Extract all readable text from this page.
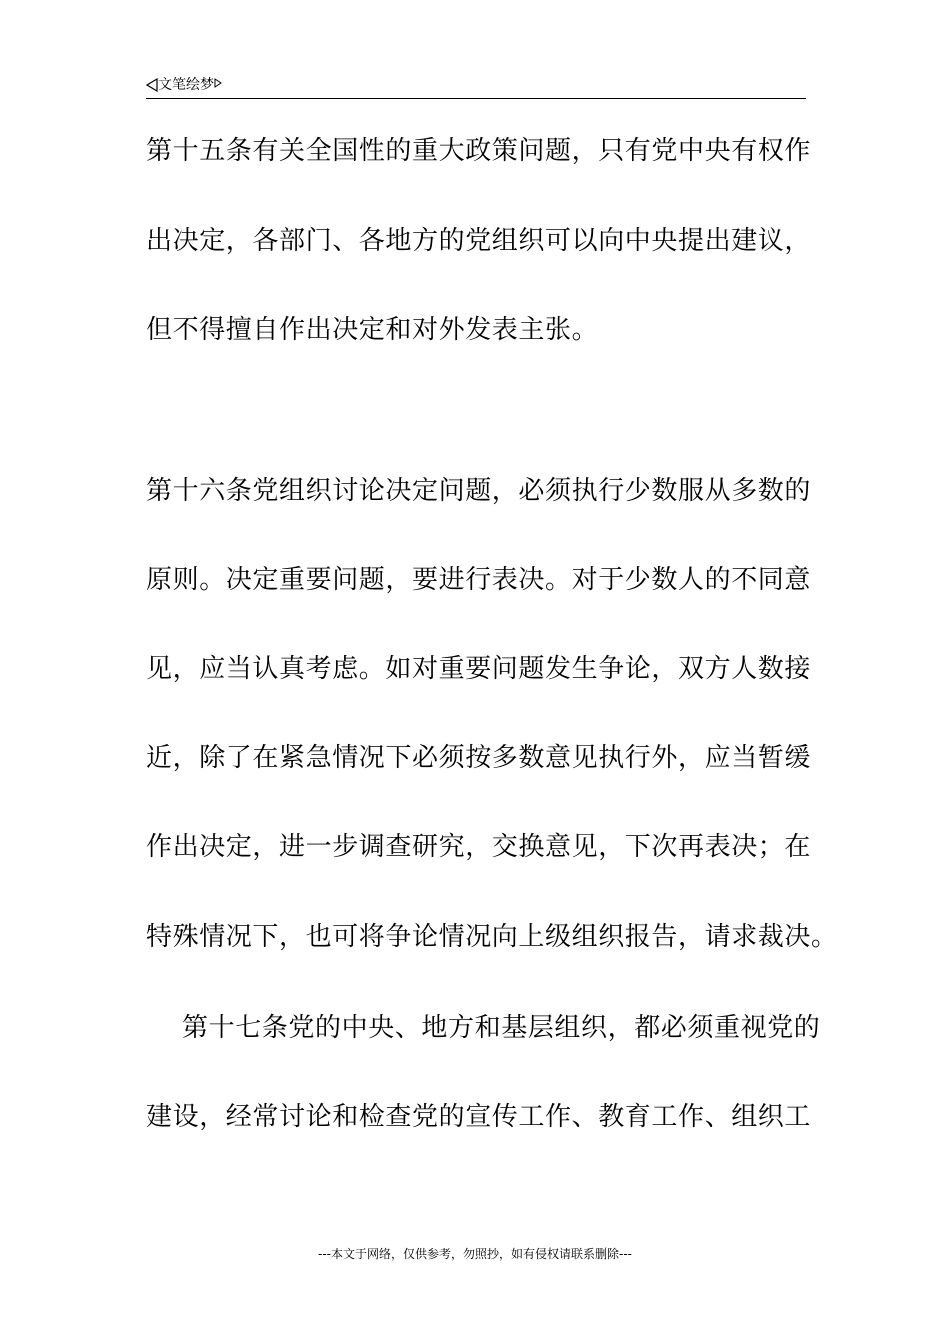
文笔绘梦
第十五条有关全国性的重大政策问题，只有党中央有权作
出决定，各部门、各地方的党组织可以向中央提出建议，
但不得擅自作出决定和对外发表主张。
第十六条党组织讨论决定问题，必须执行少数服从多数的
原则。决定重要问题，要进行表决。对于少数人的不同意
见，应当认真考虑。如对重要问题发生争论，双方人数接
近，除了在紧急情况下必须按多数意见执行外，应当暂缓
作出决定，进一步调查研究，交换意见，下次再表决；在
特殊情况下，也可将争论情况向上级组织报告，请求裁决。
第十七条党的中央、地方和基层组织，都必须重视党的
建设，经常讨论和检查党的宣传工作、教育工作、组织工
---本文于网络，仅供参考，勿照抄，如有侵权请联系删除---
